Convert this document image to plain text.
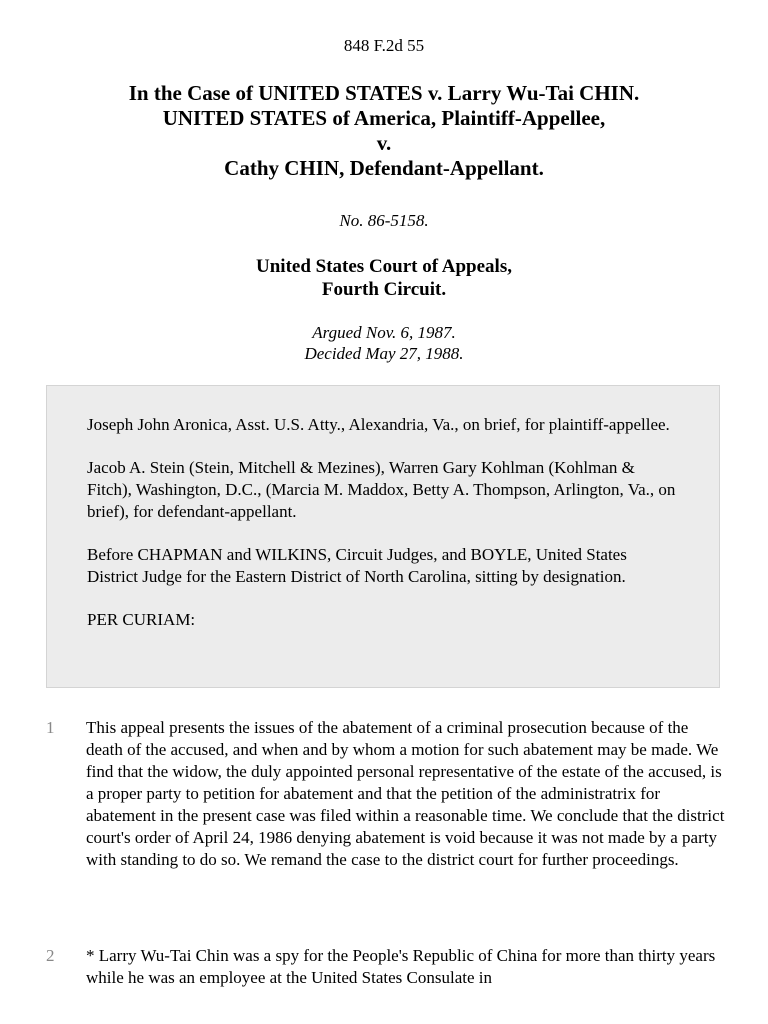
848 F.2d 55
In the Case of UNITED STATES v. Larry Wu-Tai CHIN.
UNITED STATES of America, Plaintiff-Appellee,
v.
Cathy CHIN, Defendant-Appellant.
No. 86-5158.
United States Court of Appeals,
Fourth Circuit.
Argued Nov. 6, 1987.
Decided May 27, 1988.

Joseph John Aronica, Asst. U.S. Atty., Alexandria, Va., on brief, for plaintiff-appellee.

Jacob A. Stein (Stein, Mitchell & Mezines), Warren Gary Kohlman (Kohlman & Fitch), Washington, D.C., (Marcia M. Maddox, Betty A. Thompson, Arlington, Va., on brief), for defendant-appellant.

Before CHAPMAN and WILKINS, Circuit Judges, and BOYLE, United States District Judge for the Eastern District of North Carolina, sitting by designation.

PER CURIAM:

1 This appeal presents the issues of the abatement of a criminal prosecution because of the death of the accused, and when and by whom a motion for such abatement may be made. We find that the widow, the duly appointed personal representative of the estate of the accused, is a proper party to petition for abatement and that the petition of the administratrix for abatement in the present case was filed within a reasonable time. We conclude that the district court's order of April 24, 1986 denying abatement is void because it was not made by a party with standing to do so. We remand the case to the district court for further proceedings.
2 * Larry Wu-Tai Chin was a spy for the People's Republic of China for more than thirty years while he was an employee at the United States Consulate in
